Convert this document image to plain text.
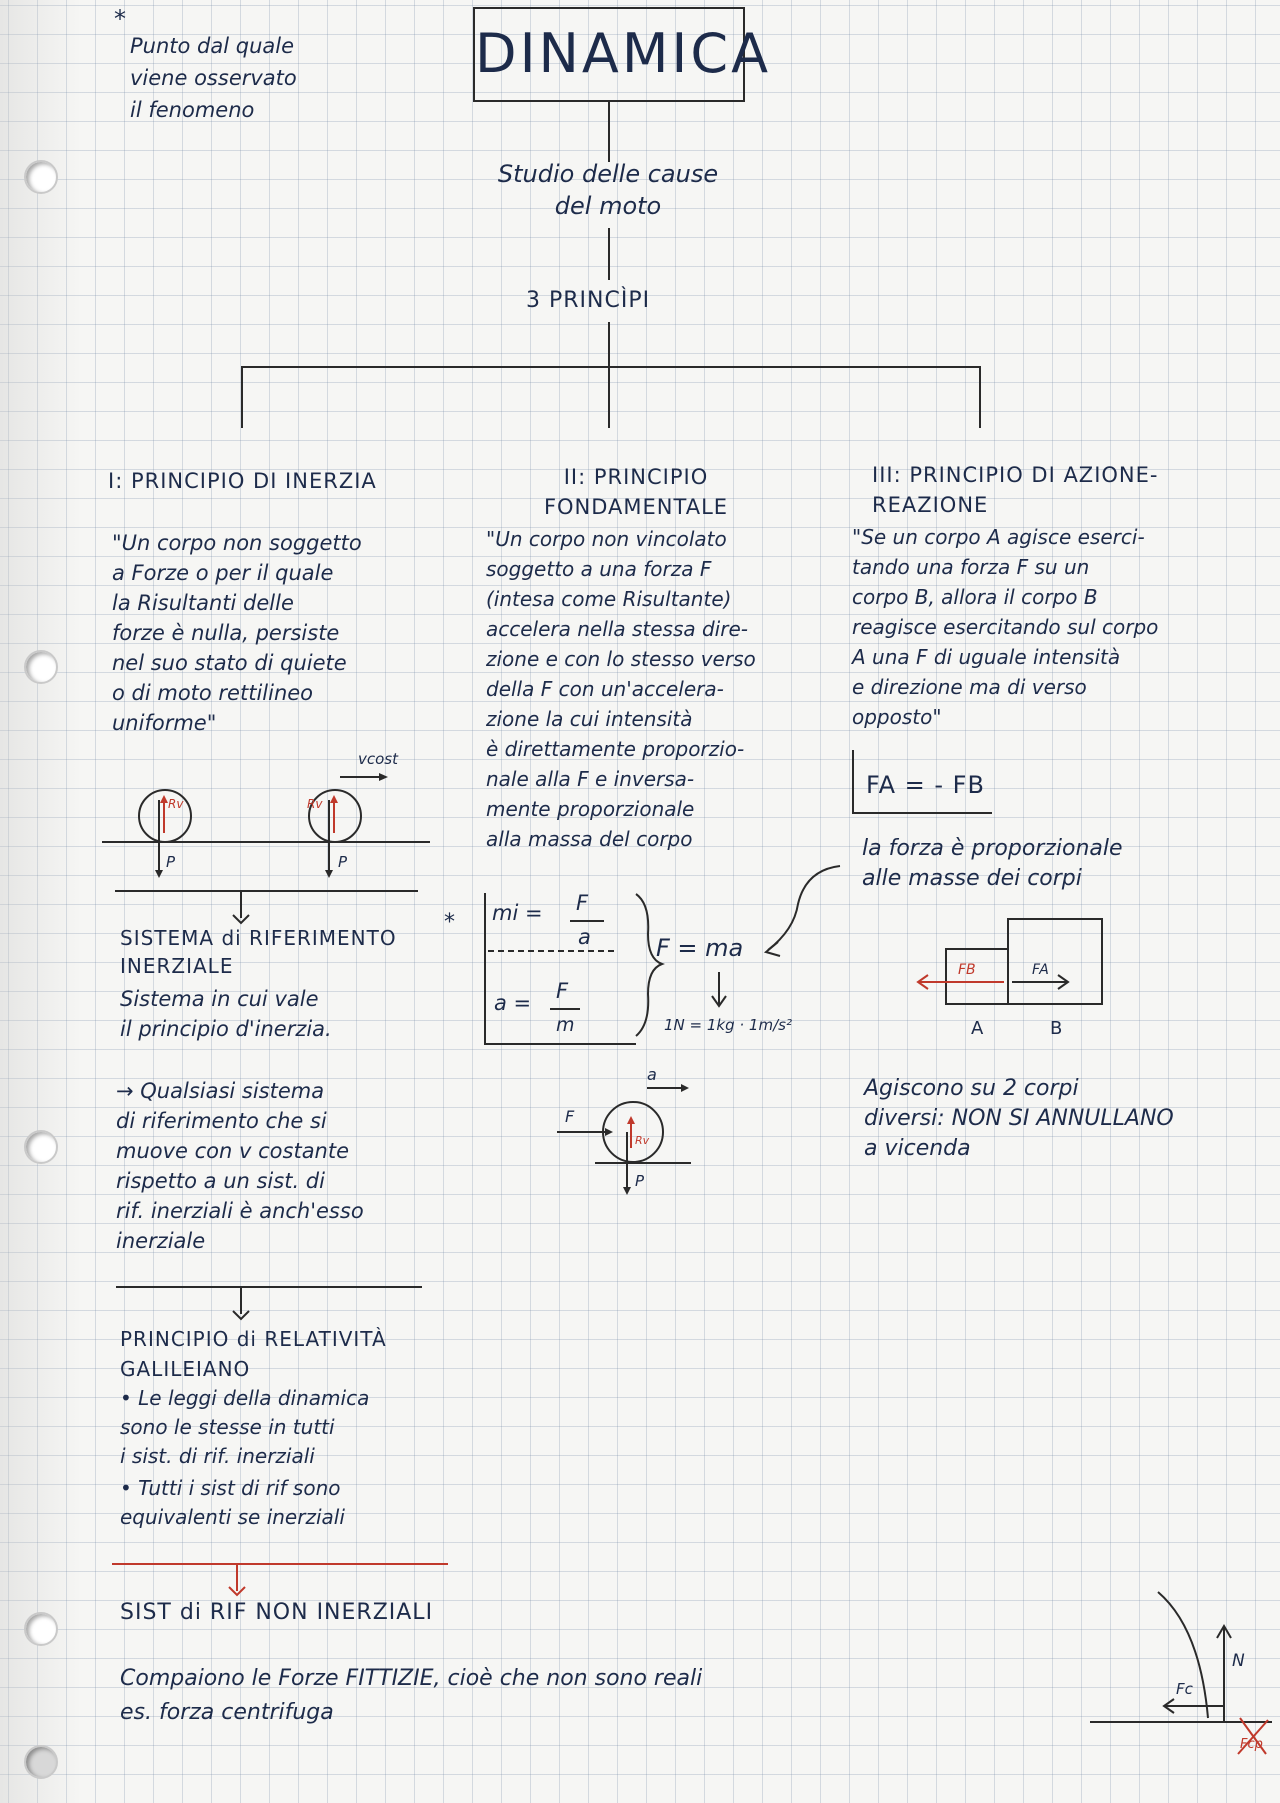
*
Punto dal quale
viene osservato
il fenomeno
DINAMICA
Studio delle cause
del moto
3 PRINCÌPI
I: PRINCIPIO DI INERZIA
"Un corpo non soggetto
a Forze o per il quale
la Risultanti delle
forze è nulla, persiste
nel suo stato di quiete
o di moto rettilineo
uniforme"
Rv	Rv
P	P
vcost
SISTEMA di RIFERIMENTO
INERZIALE
*
Sistema in cui vale
il principio d'inerzia.
→ Qualsiasi sistema
di riferimento che si
muove con v costante
rispetto a un sist. di
rif. inerziali è anch'esso
inerziale
PRINCIPIO di RELATIVITÀ
GALILEIANO
• Le leggi della dinamica
sono le stesse in tutti
i sist. di rif. inerziali
• Tutti i sist di rif sono
equivalenti se inerziali
II: PRINCIPIO
FONDAMENTALE
"Un corpo non vincolato
soggetto a una forza F
(intesa come Risultante)
accelera nella stessa dire-
zione e con lo stesso verso
della F con un'accelera-
zione la cui intensità
è direttamente proporzio-
nale alla F e inversa-
mente proporzionale
alla massa del corpo
mi = F
a
a = F
m
F = ma
1N = 1kg · 1m/s²
a
F
Rv
P
III: PRINCIPIO DI AZIONE-
REAZIONE
"Se un corpo A agisce eserci-
tando una forza F su un
corpo B, allora il corpo B
reagisce esercitando sul corpo
A una F di uguale intensità
e direzione ma di verso
opposto"
FA = - FB
la forza è proporzionale
alle masse dei corpi
FB	FA
A	B
Agiscono su 2 corpi
diversi: NON SI ANNULLANO
a vicenda
SIST di RIF NON INERZIALI
Compaiono le Forze FITTIZIE, cioè che non sono reali
es. forza centrifuga
N
Fc
Fcp
